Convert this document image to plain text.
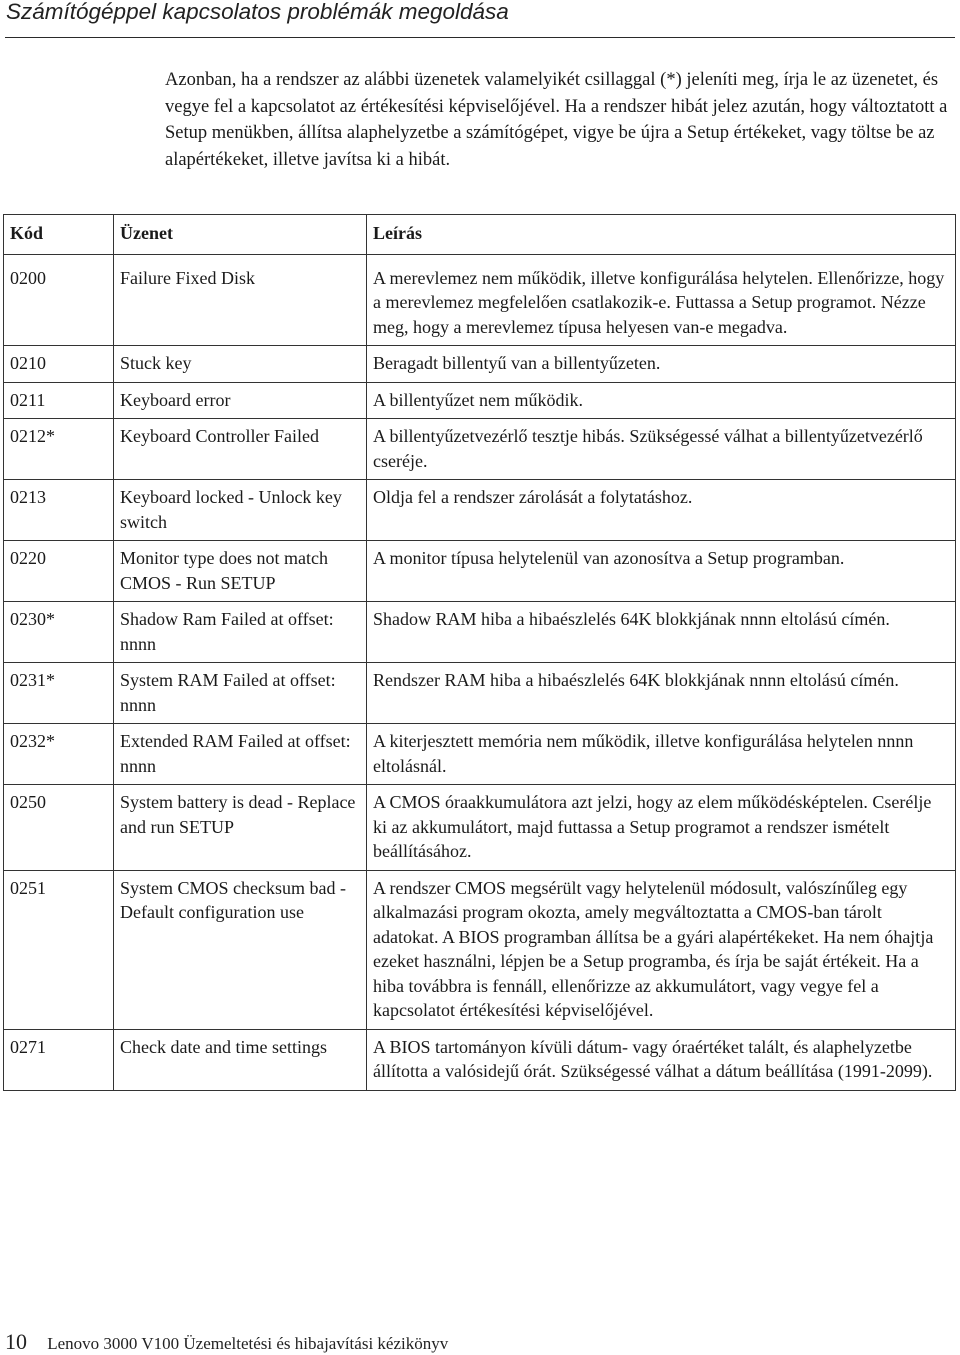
Számítógéppel kapcsolatos problémák megoldása

Azonban, ha a rendszer az alábbi üzenetek valamelyikét csillaggal (*) jeleníti meg, írja le az üzenetet, és vegye fel a kapcsolatot az értékesítési képviselőjével. Ha a rendszer hibát jelez azután, hogy változtatott a Setup menükben, állítsa alaphelyzetbe a számítógépet, vigye be újra a Setup értékeket, vagy töltse be az alapértékeket, illetve javítsa ki a hibát.

Kód	Üzenet	Leírás
0200	Failure Fixed Disk	A merevlemez nem működik, illetve konfigurálása helytelen. Ellenőrizze, hogy a merevlemez megfelelően csatlakozik-e. Futtassa a Setup programot. Nézze meg, hogy a merevlemez típusa helyesen van-e megadva.
0210	Stuck key	Beragadt billentyű van a billentyűzeten.
0211	Keyboard error	A billentyűzet nem működik.
0212*	Keyboard Controller Failed	A billentyűzetvezérlő tesztje hibás. Szükségessé válhat a billentyűzetvezérlő cseréje.
0213	Keyboard locked - Unlock key switch	Oldja fel a rendszer zárolását a folytatáshoz.
0220	Monitor type does not match CMOS - Run SETUP	A monitor típusa helytelenül van azonosítva a Setup programban.
0230*	Shadow Ram Failed at offset: nnnn	Shadow RAM hiba a hibaészlelés 64K blokkjának nnnn eltolású címén.
0231*	System RAM Failed at offset: nnnn	Rendszer RAM hiba a hibaészlelés 64K blokkjának nnnn eltolású címén.
0232*	Extended RAM Failed at offset: nnnn	A kiterjesztett memória nem működik, illetve konfigurálása helytelen nnnn eltolásnál.
0250	System battery is dead - Replace and run SETUP	A CMOS óraakkumulátora azt jelzi, hogy az elem működésképtelen. Cserélje ki az akkumulátort, majd futtassa a Setup programot a rendszer ismételt beállításához.
0251	System CMOS checksum bad - Default configuration use	A rendszer CMOS megsérült vagy helytelenül módosult, valószínűleg egy alkalmazási program okozta, amely megváltoztatta a CMOS-ban tárolt adatokat. A BIOS programban állítsa be a gyári alapértékeket. Ha nem óhajtja ezeket használni, lépjen be a Setup programba, és írja be saját értékeit. Ha a hiba továbbra is fennáll, ellenőrizze az akkumulátort, vagy vegye fel a kapcsolatot értékesítési képviselőjével.
0271	Check date and time settings	A BIOS tartományon kívüli dátum- vagy óraértéket talált, és alaphelyzetbe állította a valósidejű órát. Szükségessé válhat a dátum beállítása (1991-2099).
10 Lenovo 3000 V100 Üzemeltetési és hibajavítási kézikönyv
